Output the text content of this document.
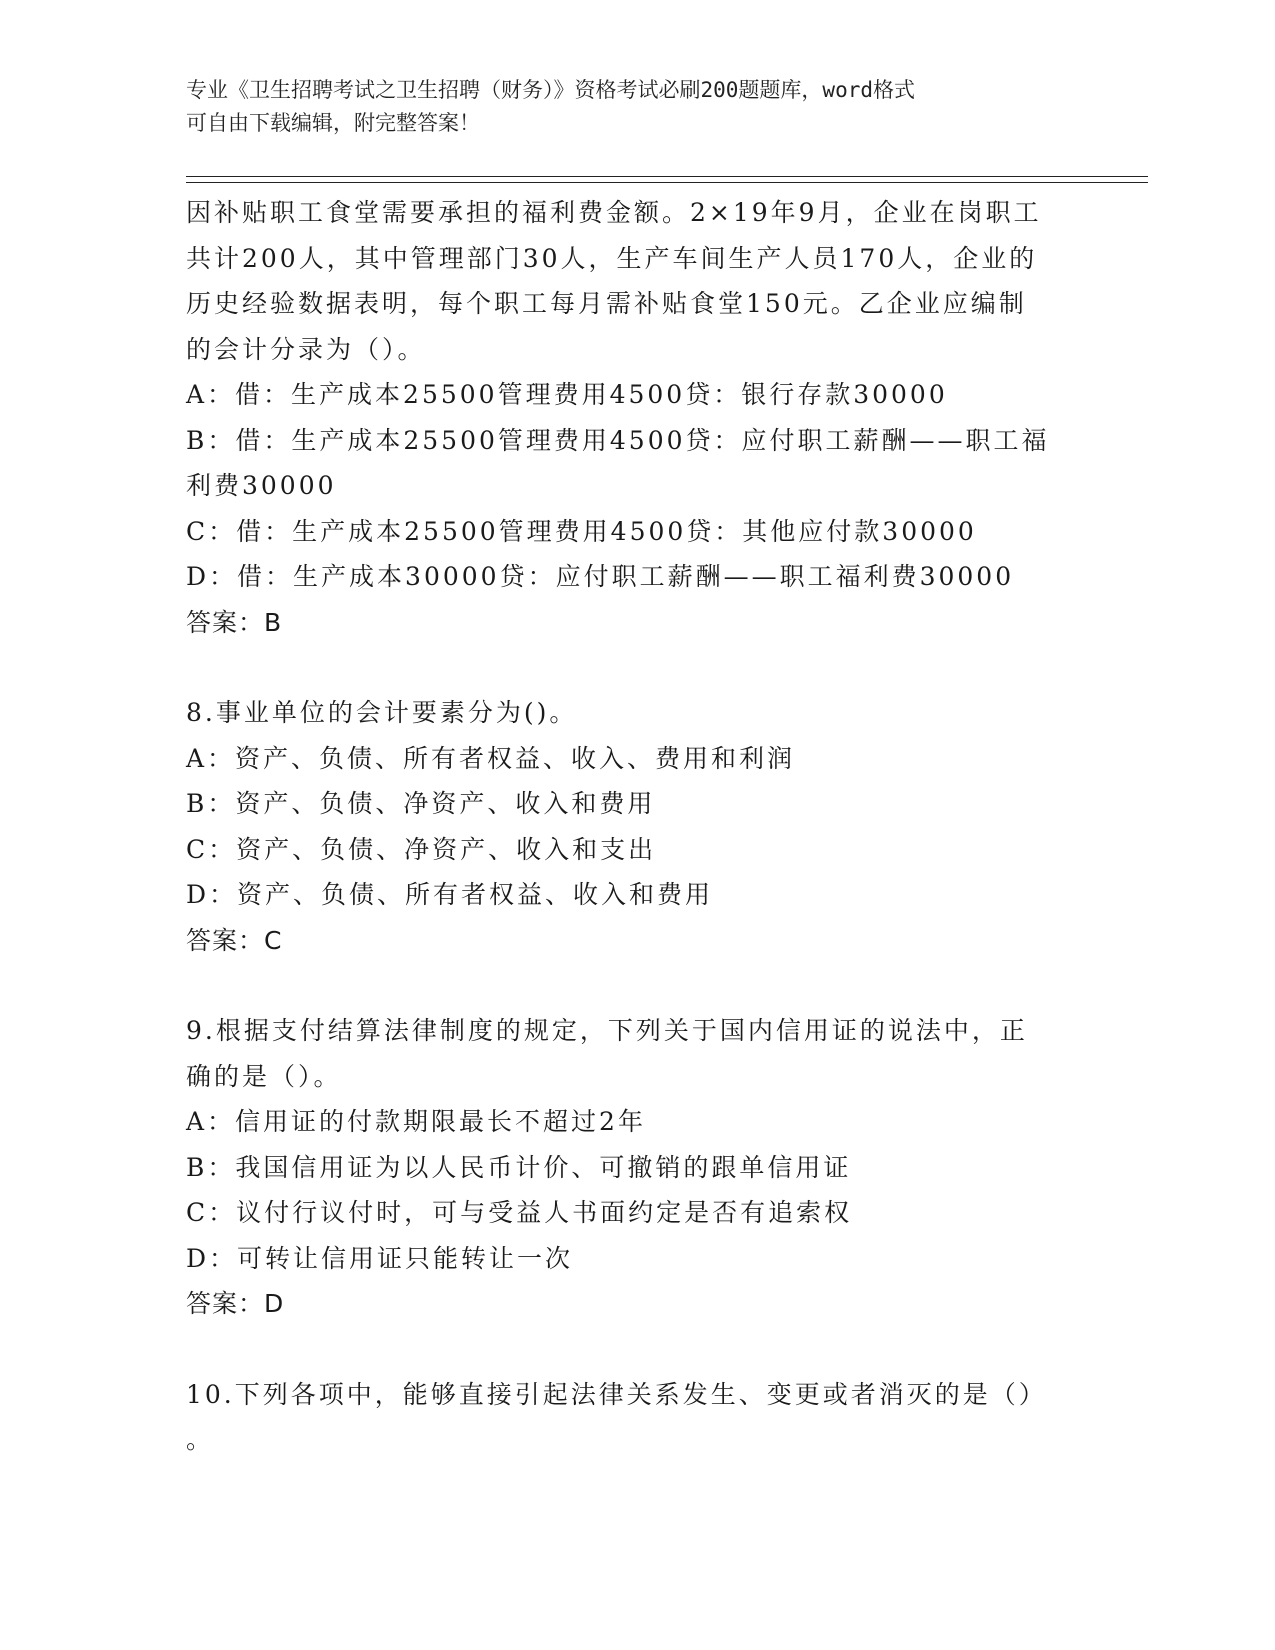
专业《卫生招聘考试之卫生招聘（财务）》资格考试必刷200题题库，word格式
可自由下载编辑，附完整答案！
因补贴职工食堂需要承担的福利费金额。2×19年9月，企业在岗职工
共计200人，其中管理部门30人，生产车间生产人员170人，企业的
历史经验数据表明，每个职工每月需补贴食堂150元。乙企业应编制
的会计分录为（）。
A：借：生产成本25500管理费用4500贷：银行存款30000
B：借：生产成本25500管理费用4500贷：应付职工薪酬——职工福
利费30000
C：借：生产成本25500管理费用4500贷：其他应付款30000
D：借：生产成本30000贷：应付职工薪酬——职工福利费30000
答案：B
8.事业单位的会计要素分为()。
A：资产、负债、所有者权益、收入、费用和利润
B：资产、负债、净资产、收入和费用
C：资产、负债、净资产、收入和支出
D：资产、负债、所有者权益、收入和费用
答案：C
9.根据支付结算法律制度的规定，下列关于国内信用证的说法中，正
确的是（）。
A：信用证的付款期限最长不超过2年
B：我国信用证为以人民币计价、可撤销的跟单信用证
C：议付行议付时，可与受益人书面约定是否有追索权
D：可转让信用证只能转让一次
答案：D
10.下列各项中，能够直接引起法律关系发生、变更或者消灭的是（）
。
